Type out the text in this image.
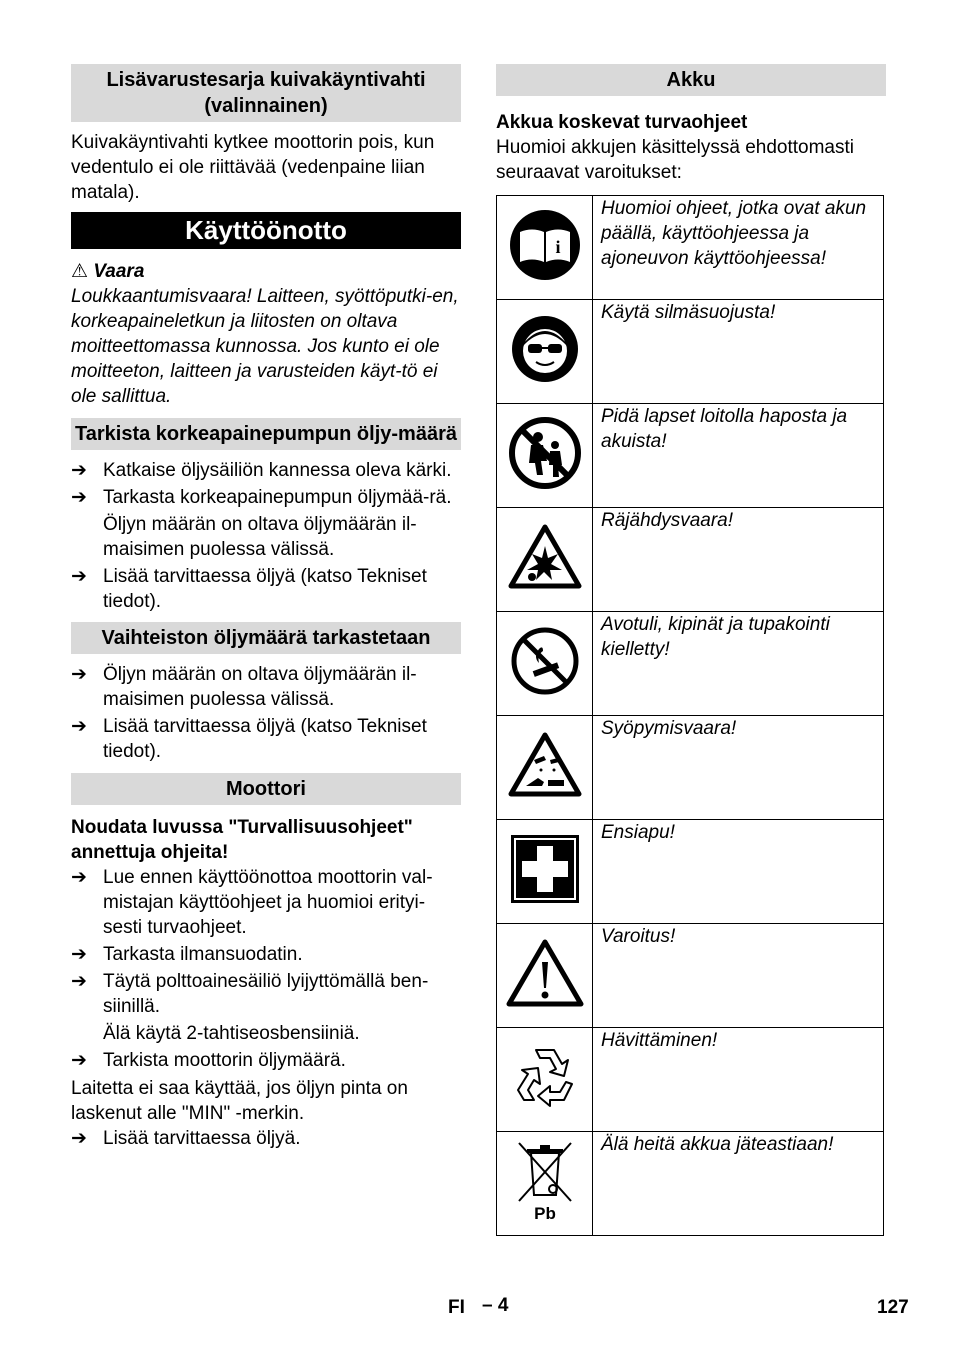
Lisävarustesarja kuivakäyntivahti (valinnainen)

Kuivakäyntivahti kytkee moottorin pois, kun vedentulo ei ole riittävää (vedenpaine liian matala).

Käyttöönotto

⚠ Vaara

Loukkaantumisvaara! Laitteen, syöttöputki-en, korkeapaineletkun ja liitosten on oltava moitteettomassa kunnossa. Jos kunto ei ole moitteeton, laitteen ja varusteiden käyt-tö ei ole sallittua.

Tarkista korkeapainepumpun öljy-määrä
➔ Katkaise öljysäiliön kannessa oleva kärki.
➔ Tarkasta korkeapainepumpun öljymää-rä.
Öljyn määrän on oltava öljymäärän il-maisimen puolessa välissä.
➔ Lisää tarvittaessa öljyä (katso Tekniset tiedot).
Vaihteiston öljymäärä tarkastetaan
➔ Öljyn määrän on oltava öljymäärän il-maisimen puolessa välissä.
➔ Lisää tarvittaessa öljyä (katso Tekniset tiedot).
Moottori

Noudata luvussa "Turvallisuusohjeet" annettuja ohjeita!

➔ Lue ennen käyttöönottoa moottorin val-mistajan käyttöohjeet ja huomioi erityi-sesti turvaohjeet.
➔ Tarkasta ilmansuodatin.
➔ Täytä polttoainesäiliö lyijyttömällä ben-siinillä.
Älä käytä 2-tahtiseosbensiiniä.
➔ Tarkista moottorin öljymäärä.

Laitetta ei saa käyttää, jos öljyn pinta on laskenut alle "MIN" -merkin.

➔ Lisää tarvittaessa öljyä.
Akku

Akkua koskevat turvaohjeet

Huomioi akkujen käsittelyssä ehdottomasti seuraavat varoitukset:

i	Huomioi ohjeet, jotka ovat akun päällä, käyttöohjeessa ja ajoneuvon käyttöohjeessa!
	Käytä silmäsuojusta!
	Pidä lapset loitolla haposta ja akuista!
	Räjähdysvaara!
	Avotuli, kipinät ja tupakointi kielletty!
	Syöpymisvaara!
	Ensiapu!
	Varoitus!
	Hävittäminen!

Pb	Älä heitä akkua jäteastiaan!
FI – 4	127
